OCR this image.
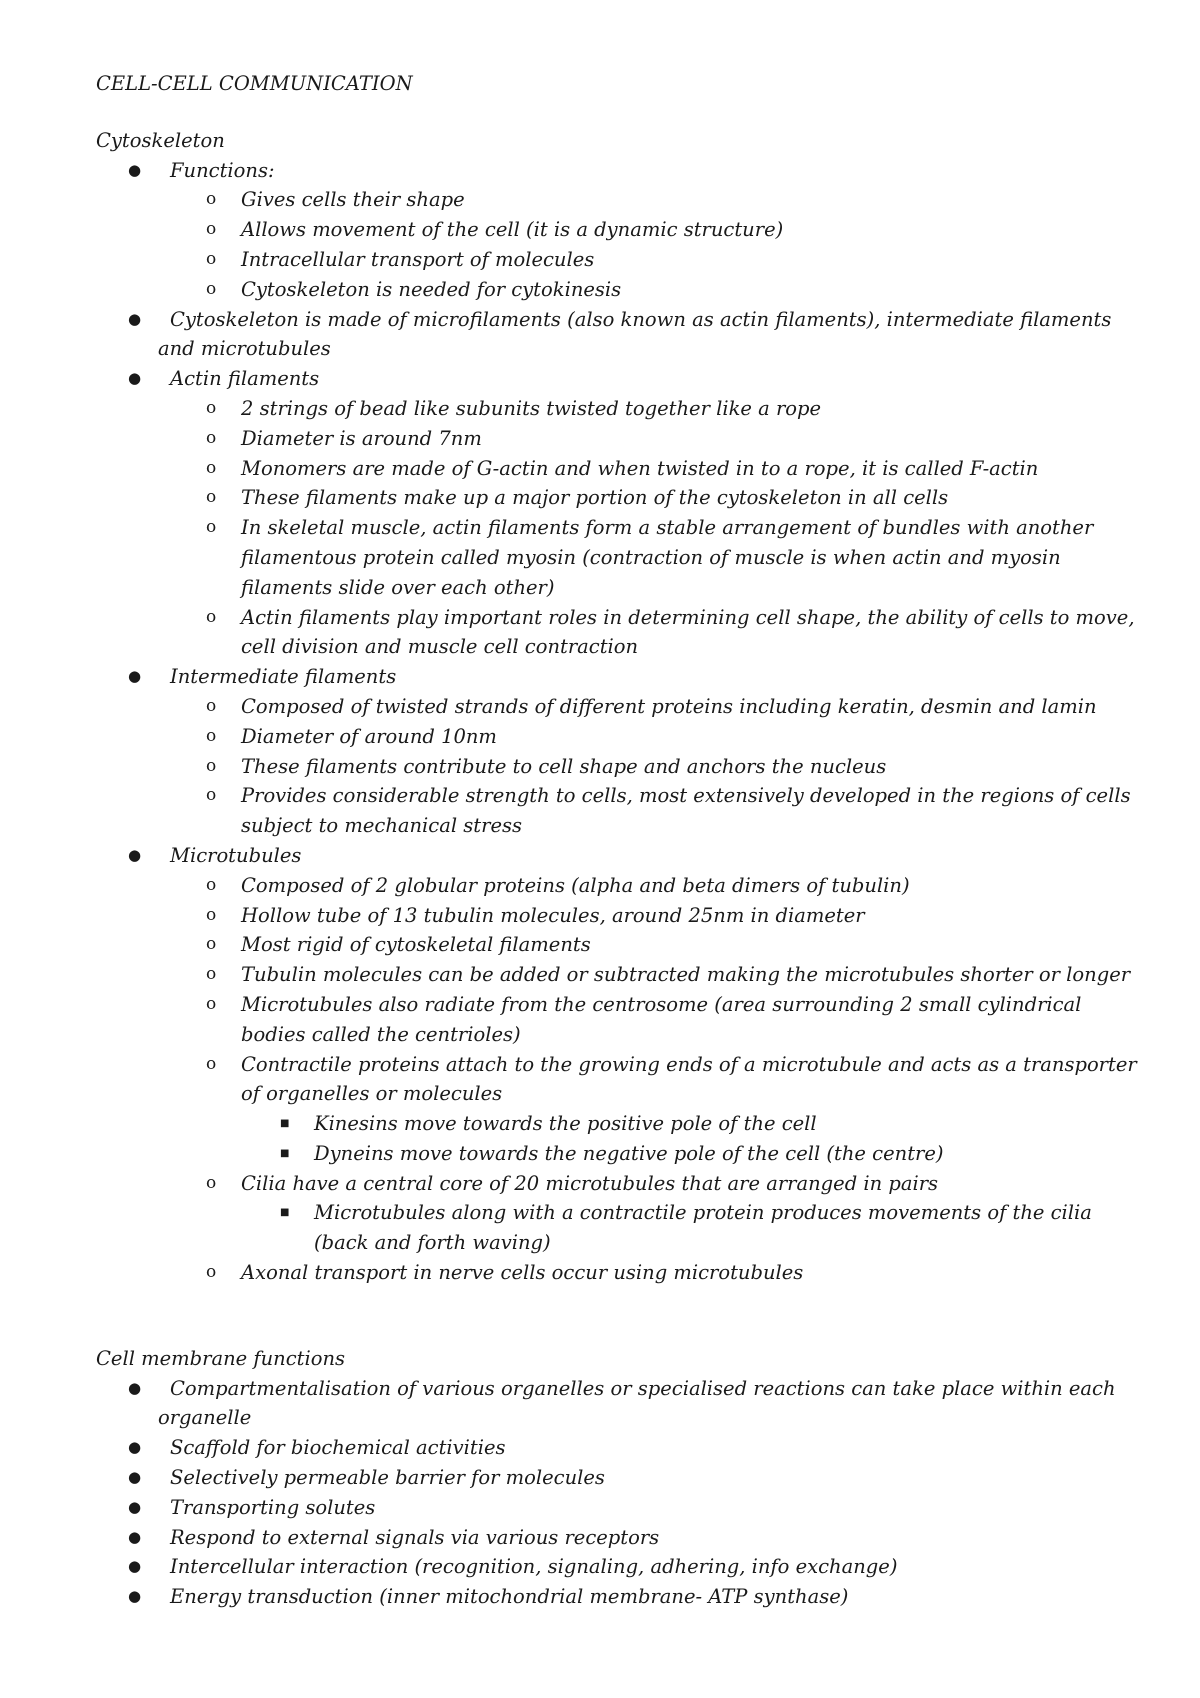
CELL-CELL COMMUNICATION
Cytoskeleton
● Functions:
o Gives cells their shape
o Allows movement of the cell (it is a dynamic structure)
o Intracellular transport of molecules
o Cytoskeleton is needed for cytokinesis
● Cytoskeleton is made of microfilaments (also known as actin filaments), intermediate filaments and microtubules
● Actin filaments
o 2 strings of bead like subunits twisted together like a rope
o Diameter is around 7nm
o Monomers are made of G-actin and when twisted in to a rope, it is called F-actin
o These filaments make up a major portion of the cytoskeleton in all cells
o In skeletal muscle, actin filaments form a stable arrangement of bundles with another filamentous protein called myosin (contraction of muscle is when actin and myosin filaments slide over each other)
o Actin filaments play important roles in determining cell shape, the ability of cells to move, cell division and muscle cell contraction
● Intermediate filaments
o Composed of twisted strands of different proteins including keratin, desmin and lamin
o Diameter of around 10nm
o These filaments contribute to cell shape and anchors the nucleus
o Provides considerable strength to cells, most extensively developed in the regions of cells subject to mechanical stress
● Microtubules
o Composed of 2 globular proteins (alpha and beta dimers of tubulin)
o Hollow tube of 13 tubulin molecules, around 25nm in diameter
o Most rigid of cytoskeletal filaments
o Tubulin molecules can be added or subtracted making the microtubules shorter or longer
o Microtubules also radiate from the centrosome (area surrounding 2 small cylindrical bodies called the centrioles)
o Contractile proteins attach to the growing ends of a microtubule and acts as a transporter of organelles or molecules
■ Kinesins move towards the positive pole of the cell
■ Dyneins move towards the negative pole of the cell (the centre)
o Cilia have a central core of 20 microtubules that are arranged in pairs
■ Microtubules along with a contractile protein produces movements of the cilia (back and forth waving)
o Axonal transport in nerve cells occur using microtubules
Cell membrane functions
● Compartmentalisation of various organelles or specialised reactions can take place within each organelle
● Scaffold for biochemical activities
● Selectively permeable barrier for molecules
● Transporting solutes
● Respond to external signals via various receptors
● Intercellular interaction (recognition, signaling, adhering, info exchange)
● Energy transduction (inner mitochondrial membrane- ATP synthase)
